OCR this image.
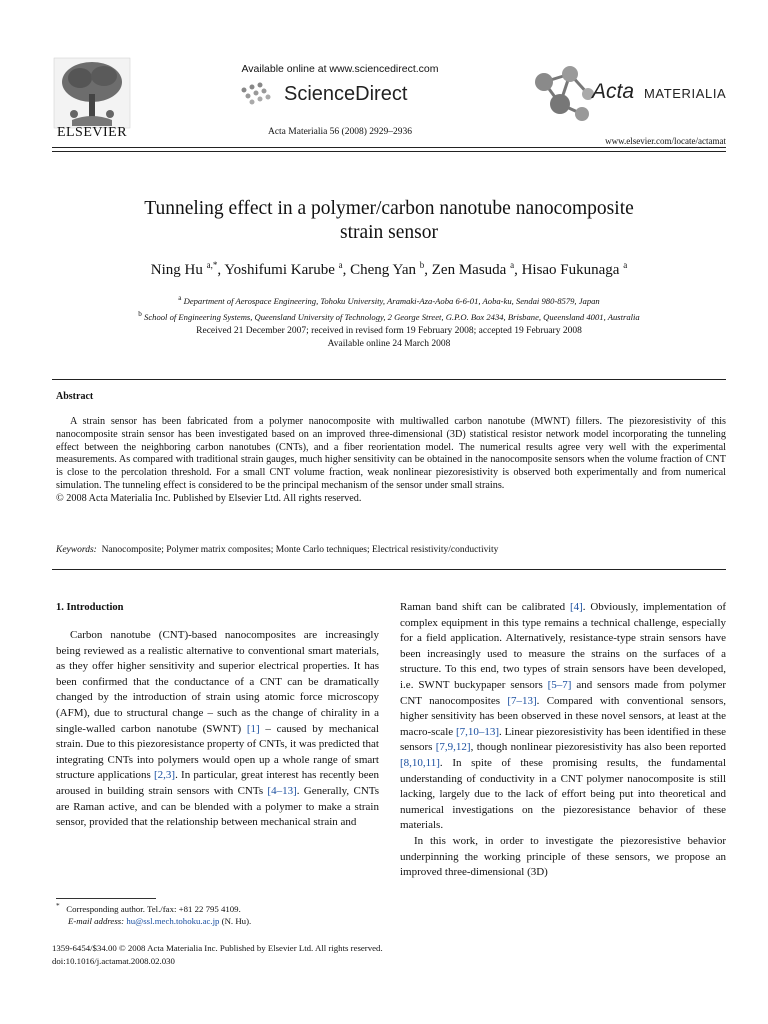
ELSEVIER
Available online at www.sciencedirect.com
ScienceDirect
Acta Materialia 56 (2008) 2929–2936
Acta MATERIALIA
www.elsevier.com/locate/actamat
Tunneling effect in a polymer/carbon nanotube nanocomposite
strain sensor
Ning Hu $^{a,*}$, Yoshifumi Karube $^a$, Cheng Yan $^b$, Zen Masuda $^a$, Hisao Fukunaga $^a$
$^a$ Department of Aerospace Engineering, Tohoku University, Aramaki-Aza-Aoba 6-6-01, Aoba-ku, Sendai 980-8579, Japan
$^b$ School of Engineering Systems, Queensland University of Technology, 2 George Street, G.P.O. Box 2434, Brisbane, Queensland 4001, Australia
Received 21 December 2007; received in revised form 19 February 2008; accepted 19 February 2008
Available online 24 March 2008
Abstract

A strain sensor has been fabricated from a polymer nanocomposite with multiwalled carbon nanotube (MWNT) fillers. The piezoresistivity of this nanocomposite strain sensor has been investigated based on an improved three-dimensional (3D) statistical resistor network model incorporating the tunneling effect between the neighboring carbon nanotubes (CNTs), and a fiber reorientation model. The numerical results agree very well with the experimental measurements. As compared with traditional strain gauges, much higher sensitivity can be obtained in the nanocomposite sensors when the volume fraction of CNT is close to the percolation threshold. For a small CNT volume fraction, weak nonlinear piezoresistivity is observed both experimentally and from numerical simulation. The tunneling effect is considered to be the principal mechanism of the sensor under small strains.

© 2008 Acta Materialia Inc. Published by Elsevier Ltd. All rights reserved.

Keywords: Nanocomposite; Polymer matrix composites; Monte Carlo techniques; Electrical resistivity/conductivity
1. Introduction
Carbon nanotube (CNT)-based nanocomposites are increasingly being reviewed as a realistic alternative to conventional smart materials, as they offer higher sensitivity and superior electrical properties. It has been confirmed that the conductance of a CNT can be dramatically changed by the introduction of strain using atomic force microscopy (AFM), due to structural change – such as the change of chirality in a single-walled carbon nanotube (SWNT) [1] – caused by mechanical strain. Due to this piezoresistance property of CNTs, it was predicted that integrating CNTs into polymers would open up a whole range of smart structure applications [2,3]. In particular, great interest has recently been aroused in building strain sensors with CNTs [4–13]. Generally, CNTs are Raman active, and can be blended with a polymer to make a strain sensor, provided that the relationship between mechanical strain and
* Corresponding author. Tel./fax: +81 22 795 4109.
E-mail address: hu@ssl.mech.tohoku.ac.jp (N. Hu).

Raman band shift can be calibrated [4]. Obviously, implementation of complex equipment in this type remains a technical challenge, especially for a field application. Alternatively, resistance-type strain sensors have been increasingly used to measure the strains on the surfaces of a structure. To this end, two types of strain sensors have been developed, i.e. SWNT buckypaper sensors [5–7] and sensors made from polymer CNT nanocomposites [7–13]. Compared with conventional sensors, higher sensitivity has been observed in these novel sensors, at least at the macro-scale [7,10–13]. Linear piezoresistivity has been identified in these sensors [7,9,12], though nonlinear piezoresistivity has also been reported [8,10,11]. In spite of these promising results, the fundamental understanding of conductivity in a CNT polymer nanocomposite is still lacking, largely due to the lack of effort being put into theoretical and numerical investigations on the piezoresistance behavior of these materials.

In this work, in order to investigate the piezoresistive behavior underpinning the working principle of these sensors, we propose an improved three-dimensional (3D)

1359-6454/$34.00 © 2008 Acta Materialia Inc. Published by Elsevier Ltd. All rights reserved.
doi:10.1016/j.actamat.2008.02.030
